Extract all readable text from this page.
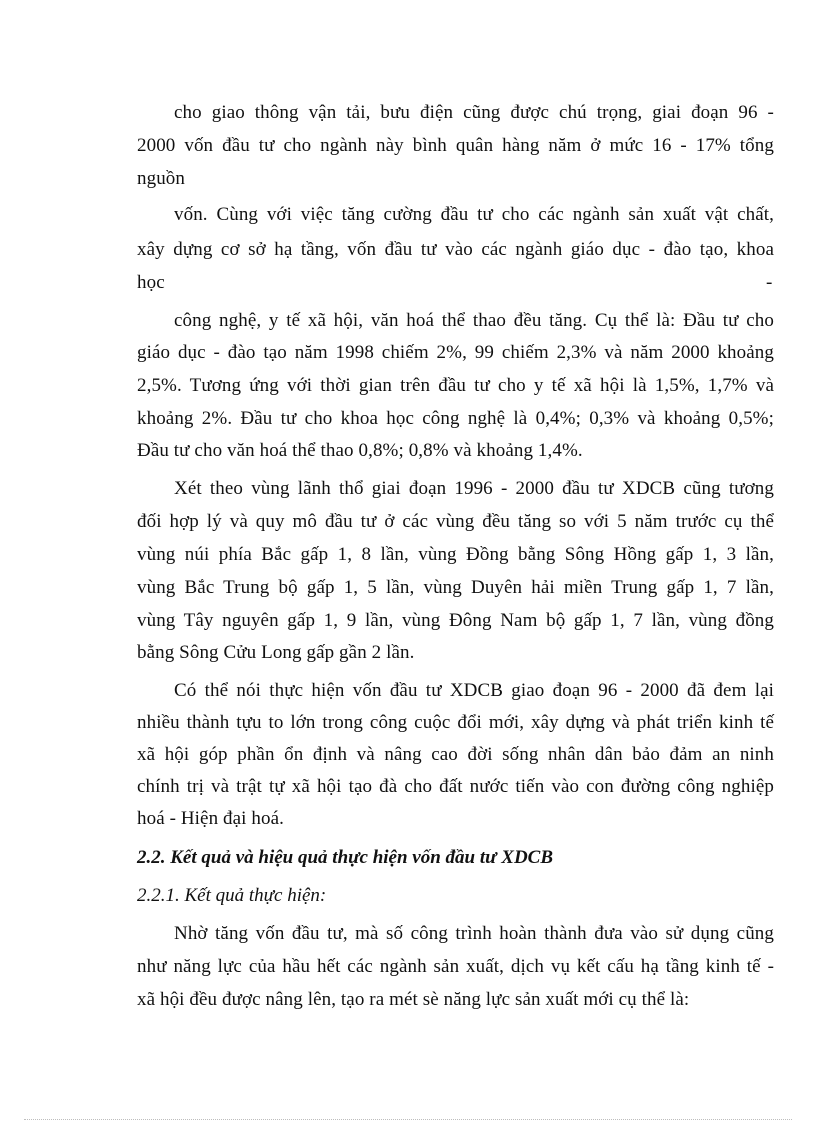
cho giao thông vận tải, bưu điện cũng được chú trọng, giai đoạn 96 -
2000 vốn đầu tư cho ngành này bình quân hàng năm ở mức 16 - 17% tổng
nguồn
vốn. Cùng với việc tăng cường đầu tư cho các ngành sản xuất vật chất,
xây dựng cơ sở hạ tầng, vốn đầu tư vào các ngành giáo dục - đào tạo, khoa
học	-
công nghệ, y tế xã hội, văn hoá thể thao đều tăng. Cụ thể là: Đầu tư cho
giáo dục - đào tạo năm 1998 chiếm 2%, 99 chiếm 2,3% và năm 2000 khoảng
2,5%. Tương ứng với thời gian trên đầu tư cho y tế xã hội là 1,5%, 1,7% và
khoảng 2%. Đầu tư cho khoa học công nghệ là 0,4%; 0,3% và khoảng 0,5%;
Đầu tư cho văn hoá thể thao 0,8%; 0,8% và khoảng 1,4%.
Xét theo vùng lãnh thổ giai đoạn 1996 - 2000 đầu tư XDCB cũng tương
đối hợp lý và quy mô đầu tư ở các vùng đều tăng so với 5 năm trước cụ thể
vùng núi phía Bắc gấp 1, 8 lần, vùng Đồng bằng Sông Hồng gấp 1, 3 lần,
vùng Bắc Trung bộ gấp 1, 5 lần, vùng Duyên hải miền Trung gấp 1, 7 lần,
vùng Tây nguyên gấp 1, 9 lần, vùng Đông Nam bộ gấp 1, 7 lần, vùng đồng
bằng Sông Cửu Long gấp gần 2 lần.
Có thể nói thực hiện vốn đầu tư XDCB giao đoạn 96 - 2000 đã đem lại
nhiều thành tựu to lớn trong công cuộc đổi mới, xây dựng và phát triển kinh tế
xã hội góp phần ổn định và nâng cao đời sống nhân dân bảo đảm an ninh
chính trị và trật tự xã hội tạo đà cho đất nước tiến vào con đường công nghiệp
hoá - Hiện đại hoá.
2.2. Kết quả và hiệu quả thực hiện vốn đầu tư XDCB
2.2.1. Kết quả thực hiện:
Nhờ tăng vốn đầu tư, mà số công trình hoàn thành đưa vào sử dụng cũng
như năng lực của hầu hết các ngành sản xuất, dịch vụ kết cấu hạ tầng kinh tế -
xã hội đều được nâng lên, tạo ra mét sè năng lực sản xuất mới cụ thể là:
